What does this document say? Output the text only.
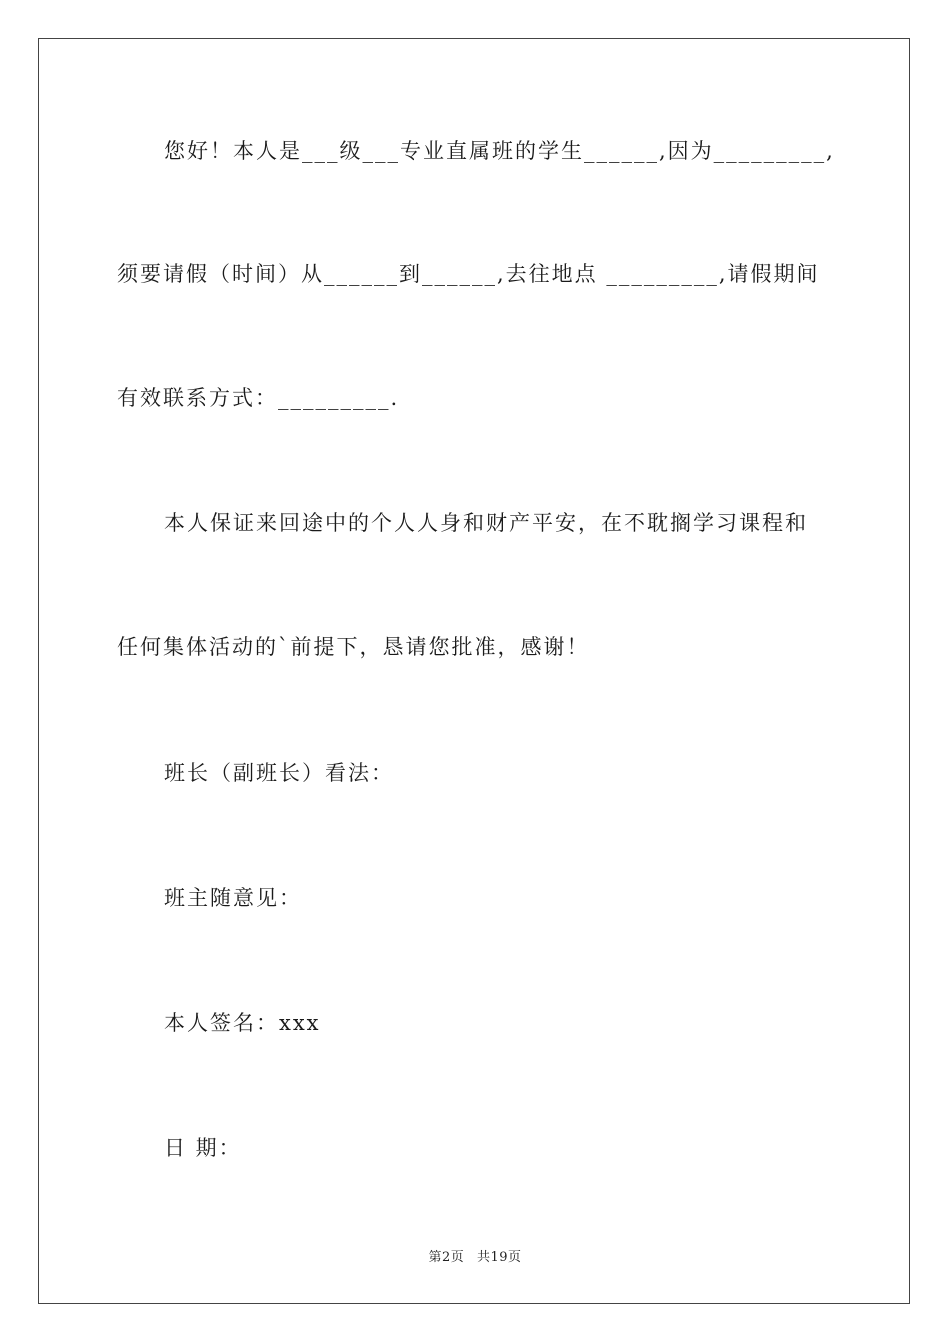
您好！本人是___级___专业直属班的学生______,因为_________,
须要请假（时间）从______到______,去往地点 _________,请假期间
有效联系方式：_________.
本人保证来回途中的个人人身和财产平安，在不耽搁学习课程和
任何集体活动的`前提下，恳请您批准，感谢！
班长（副班长）看法：
班主随意见：
本人签名：xxx
日 期：
第2页 共19页
